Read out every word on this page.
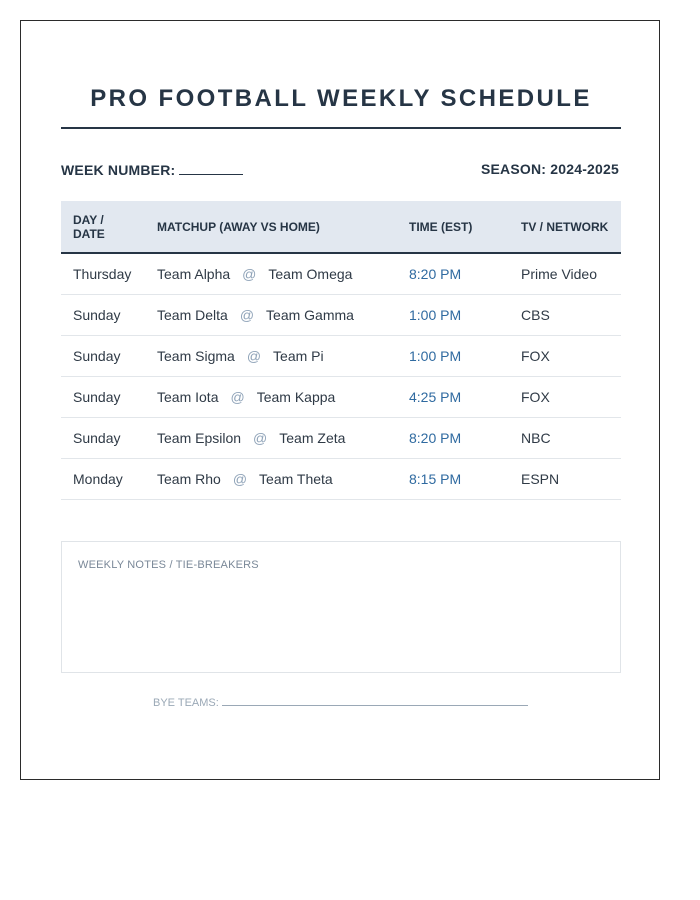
PRO FOOTBALL WEEKLY SCHEDULE
WEEK NUMBER:	SEASON: 2024-2025
DAY /
DATE	MATCHUP (AWAY VS HOME)	TIME (EST)	TV / NETWORK
Thursday	Team Alpha @ Team Omega	8:20 PM	Prime Video
Sunday	Team Delta @ Team Gamma	1:00 PM	CBS
Sunday	Team Sigma @ Team Pi	1:00 PM	FOX
Sunday	Team Iota @ Team Kappa	4:25 PM	FOX
Sunday	Team Epsilon @ Team Zeta	8:20 PM	NBC
Monday	Team Rho @ Team Theta	8:15 PM	ESPN
WEEKLY NOTES / TIE-BREAKERS
BYE TEAMS:
